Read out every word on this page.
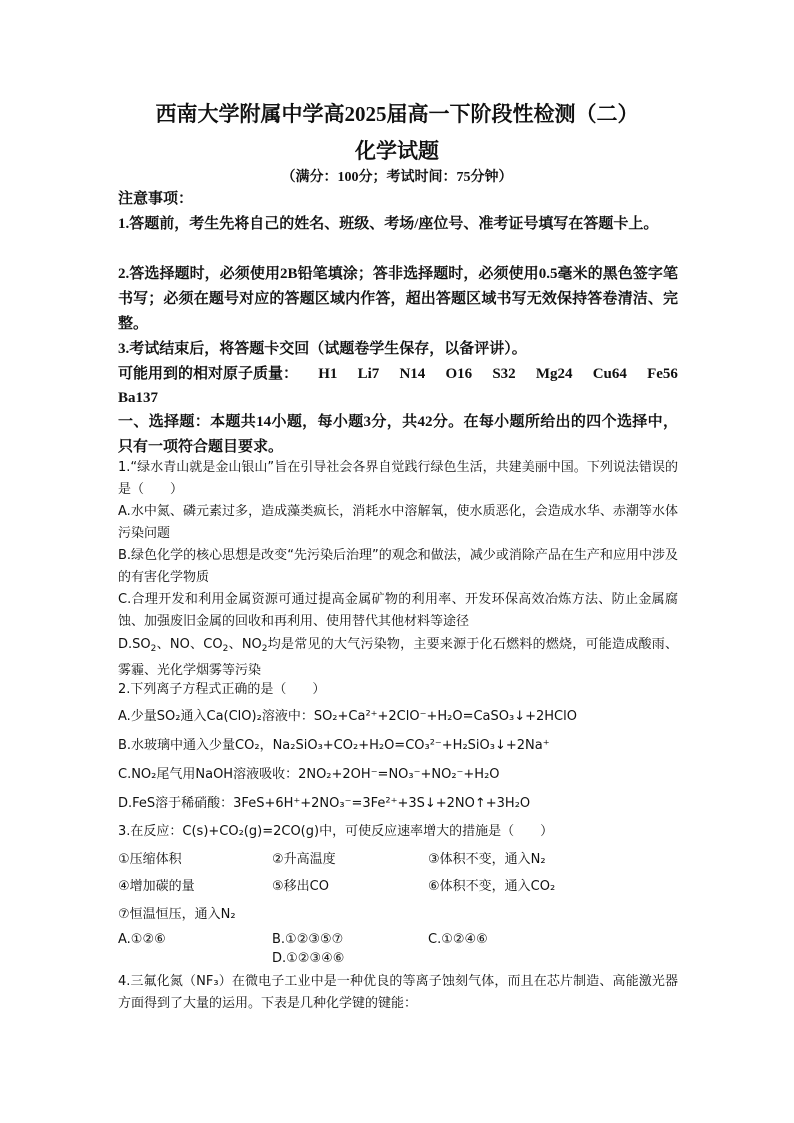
西南大学附属中学高2025届高一下阶段性检测（二）
化学试题
（满分：100分；考试时间：75分钟）
注意事项：
1.答题前，考生先将自己的姓名、班级、考场/座位号、准考证号填写在答题卡上。
2.答选择题时，必须使用2B铅笔填涂；答非选择题时，必须使用0.5毫米的黑色签字笔书写；必须在题号对应的答题区域内作答，超出答题区域书写无效保持答卷清洁、完整。
3.考试结束后，将答题卡交回（试题卷学生保存，以备评讲）。
可能用到的相对原子质量： H1 Li7 N14 O16 S32 Mg24 Cu64 Fe56
Ba137
一、选择题：本题共14小题，每小题3分，共42分。在每小题所给出的四个选择中，只有一项符合题目要求。
1.“绿水青山就是金山银山”旨在引导社会各界自觉践行绿色生活，共建美丽中国。下列说法错误的是（　　）
A.水中氮、磷元素过多，造成藻类疯长，消耗水中溶解氧，使水质恶化，会造成水华、赤潮等水体污染问题
B.绿色化学的核心思想是改变“先污染后治理”的观念和做法，减少或消除产品在生产和应用中涉及的有害化学物质
C.合理开发和利用金属资源可通过提高金属矿物的利用率、开发环保高效冶炼方法、防止金属腐蚀、加强废旧金属的回收和再利用、使用替代其他材料等途径
$D.SO_2$、NO、$CO_2$、$NO_2$均是常见的大气污染物，主要来源于化石燃料的燃烧，可能造成酸雨、雾霾、光化学烟雾等污染
2.下列离子方程式正确的是（　　）
A.少量SO₂通入Ca(ClO)₂溶液中：SO₂+Ca²⁺+2ClO⁻+H₂O=CaSO₃↓+2HClO
B.水玻璃中通入少量CO₂，Na₂SiO₃+CO₂+H₂O=CO₃²⁻+H₂SiO₃↓+2Na⁺
C.NO₂尾气用NaOH溶液吸收：2NO₂+2OH⁻=NO₃⁻+NO₂⁻+H₂O
D.FeS溶于稀硝酸：3FeS+6H⁺+2NO₃⁻=3Fe²⁺+3S↓+2NO↑+3H₂O
3.在反应：C(s)+CO₂(g)=2CO(g)中，可使反应速率增大的措施是（　　）
①压缩体积	②升高温度	③体积不变，通入N₂
④增加碳的量	⑤移出CO	⑥体积不变，通入CO₂
⑦恒温恒压，通入N₂
A.①②⑥	B.①②③⑤⑦	C.①②④⑥
D.①②③④⑥
4.三氟化氮（NF₃）在微电子工业中是一种优良的等离子蚀刻气体，而且在芯片制造、高能激光器方面得到了大量的运用。下表是几种化学键的键能：
